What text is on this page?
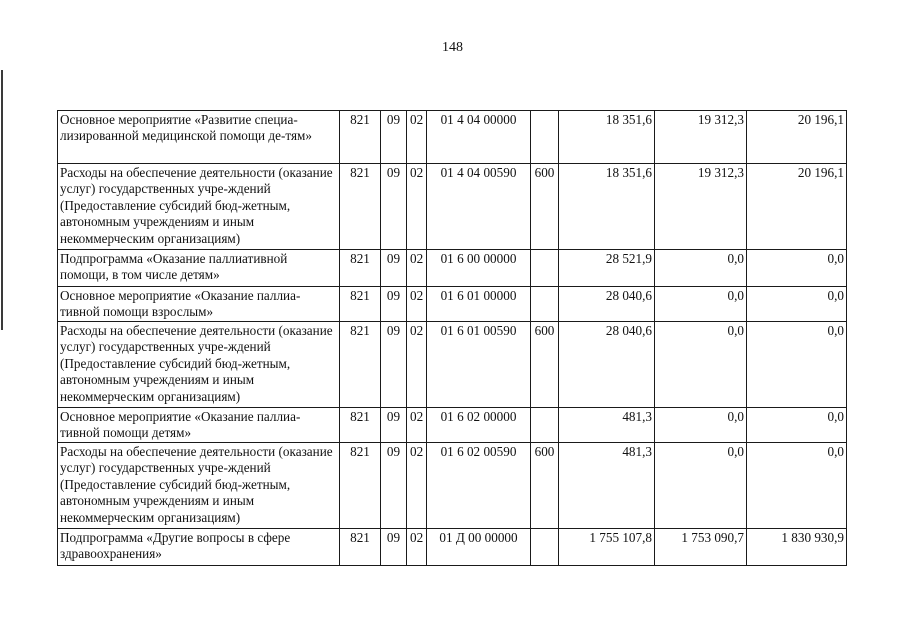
148
Основное мероприятие «Развитие специа-лизированной медицинской помощи де-тям»	821	09	02	01 4 04 00000		18 351,6	19 312,3	20 196,1
Расходы на обеспечение деятельности (оказание услуг) государственных учре-ждений (Предоставление субсидий бюд-жетным, автономным учреждениям и иным некоммерческим организациям)	821	09	02	01 4 04 00590	600	18 351,6	19 312,3	20 196,1
Подпрограмма «Оказание паллиативной помощи, в том числе детям»	821	09	02	01 6 00 00000		28 521,9	0,0	0,0
Основное мероприятие «Оказание паллиа-тивной помощи взрослым»	821	09	02	01 6 01 00000		28 040,6	0,0	0,0
Расходы на обеспечение деятельности (оказание услуг) государственных учре-ждений (Предоставление субсидий бюд-жетным, автономным учреждениям и иным некоммерческим организациям)	821	09	02	01 6 01 00590	600	28 040,6	0,0	0,0
Основное мероприятие «Оказание паллиа-тивной помощи детям»	821	09	02	01 6 02 00000		481,3	0,0	0,0
Расходы на обеспечение деятельности (оказание услуг) государственных учре-ждений (Предоставление субсидий бюд-жетным, автономным учреждениям и иным некоммерческим организациям)	821	09	02	01 6 02 00590	600	481,3	0,0	0,0
Подпрограмма «Другие вопросы в сфере здравоохранения»	821	09	02	01 Д 00 00000		1 755 107,8	1 753 090,7	1 830 930,9
